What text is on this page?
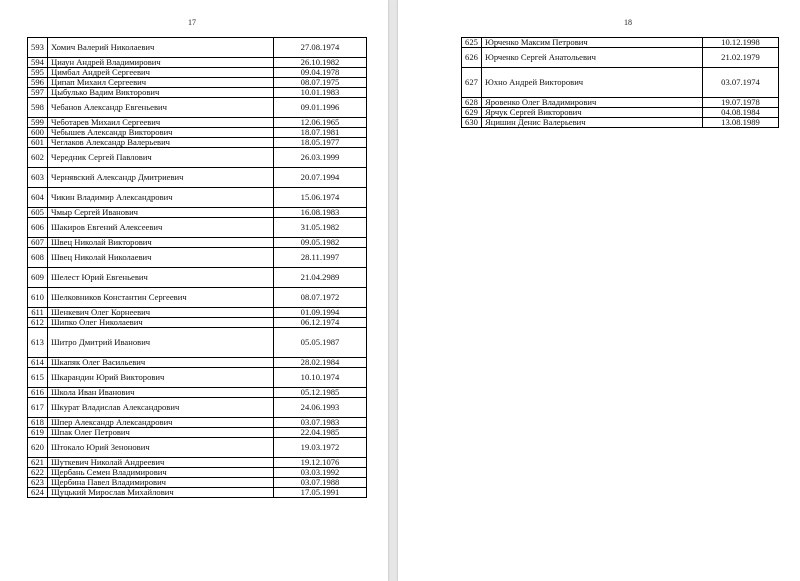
17
593	Хомич Валерий Николаевич	27.08.1974
594	Циаун Андрей Владимирович	26.10.1982
595	Цимбал Андрей Сергеевич	09.04.1978
596	Ципап Михаил Сергеевич	08.07.1975
597	Цыбулько Вадим Викторович	10.01.1983
598	Чебанов Александр Евгеньевич	09.01.1996
599	Чеботарев Михаил Сергеевич	12.06.1965
600	Чебышев Александр Викторович	18.07.1981
601	Чеглаков Александр Валерьевич	18.05.1977
602	Чередник Сергей Павлович	26.03.1999
603	Чернявский Александр Дмитриевич	20.07.1994
604	Чикин Владимир Александрович	15.06.1974
605	Чмыр Сергей Иванович	16.08.1983
606	Шакиров Евгений Алексеевич	31.05.1982
607	Швец Николай Викторович	09.05.1982
608	Швец Николай Николаевич	28.11.1997
609	Шелест Юрий Евгеньевич	21.04.2989
610	Шелковников Константин Сергеевич	08.07.1972
611	Шенкевич Олег Корнеевич	01.09.1994
612	Шипко Олег Николаевич	06.12.1974
613	Шитро Дмитрий Иванович	05.05.1987
614	Шкапяк Олег Васильевич	28.02.1984
615	Шкарандин Юрий Викторович	10.10.1974
616	Школа Иван Иванович	05.12.1985
617	Шкурат Владислав Александрович	24.06.1993
618	Шпер Александр Александрович	03.07.1983
619	Шпак Олег Петрович	22.04.1985
620	Штокало Юрий Зенонович	19.03.1972
621	Шуткевич Николай Андреевич	19.12.1076
622	Щербань Семен Владимирович	03.03.1992
623	Щербина Павел Владимирович	03.07.1988
624	Щуцький Мирослав Михайлович	17.05.1991
18
625	Юрченко Максим Петрович	10.12.1998
626	Юрченко Сергей Анатольевич	21.02.1979
627	Юхно Андрей Викторович	03.07.1974
628	Яровенко Олег Владимирович	19.07.1978
629	Ярчук Сергей Викторович	04.08.1984
630	Яцишин Денис Валерьевич	13.08.1989
